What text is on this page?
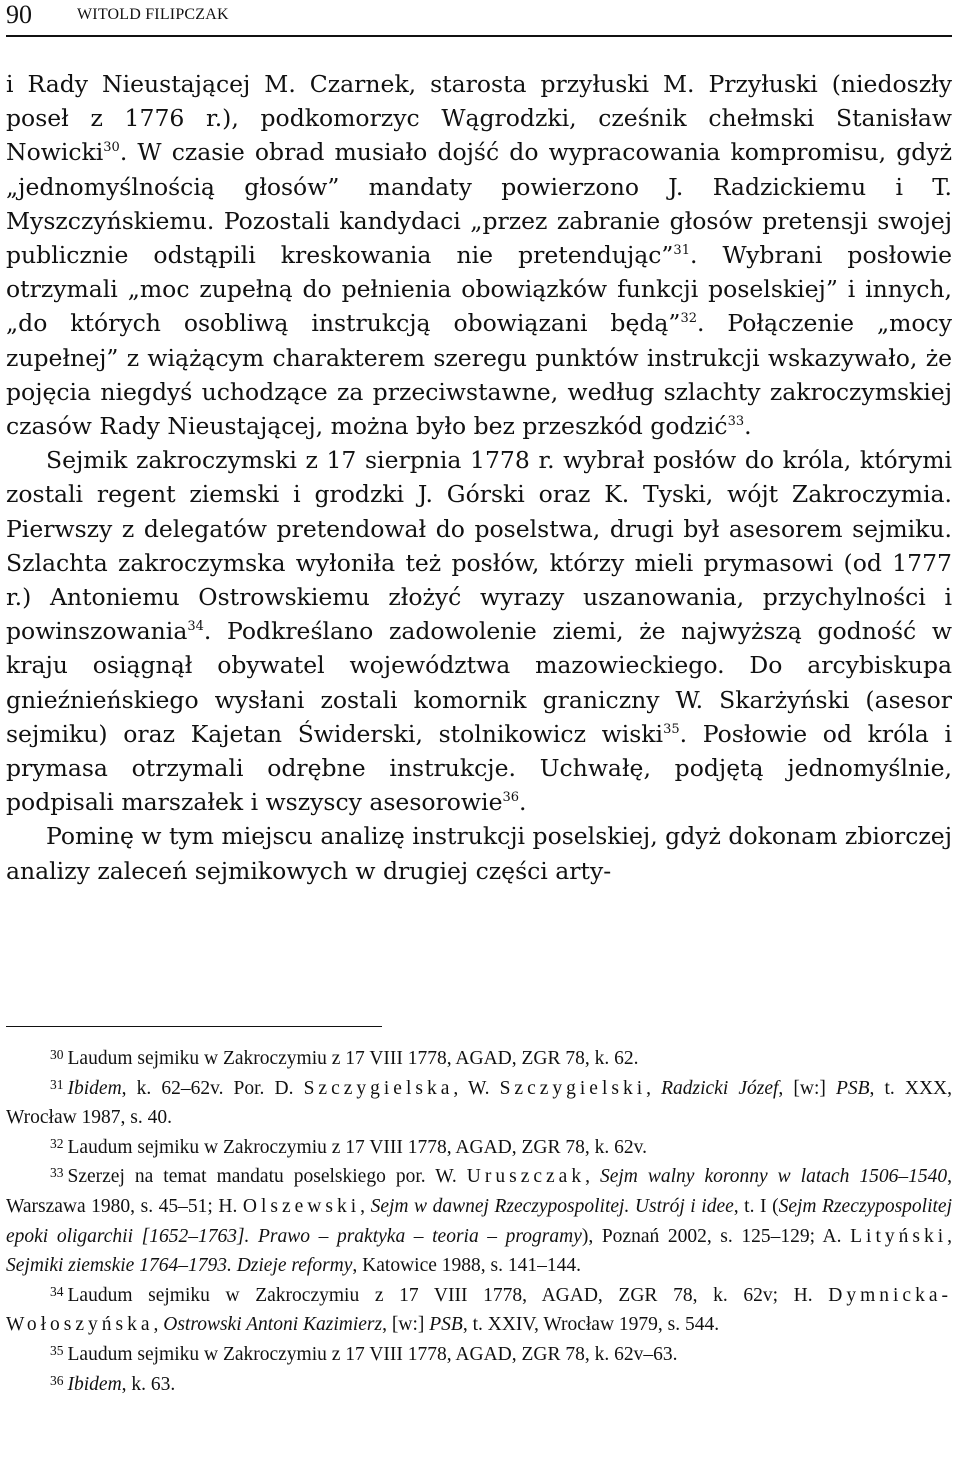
90	WITOLD FILIPCZAK

i Rady Nieustającej M. Czarnek, starosta przyłuski M. Przyłuski (niedoszły poseł z 1776 r.), podkomorzyc Wągrodzki, cześnik chełmski Stanisław Nowicki$^{30}$. W czasie obrad musiało dojść do wypracowania kompromisu, gdyż „jednomyślnością głosów” mandaty powierzono J. Radzickiemu i T. Myszczyńskiemu. Pozostali kandydaci „przez zabranie głosów pretensji swojej publicznie odstąpili kreskowania nie pretendując”$^{31}$. Wybrani posłowie otrzymali „moc zupełną do pełnienia obowiązków funkcji poselskiej” i innych, „do których osobliwą instrukcją obowiązani będą”$^{32}$. Połączenie „mocy zupełnej” z wiążącym charakterem szeregu punktów instrukcji wskazywało, że pojęcia niegdyś uchodzące za przeciwstawne, według szlachty zakroczymskiej czasów Rady Nieustającej, można było bez przeszkód godzić$^{33}$.

Sejmik zakroczymski z 17 sierpnia 1778 r. wybrał posłów do króla, którymi zostali regent ziemski i grodzki J. Górski oraz K. Tyski, wójt Zakroczymia. Pierwszy z delegatów pretendował do poselstwa, drugi był asesorem sejmiku. Szlachta zakroczymska wyłoniła też posłów, którzy mieli prymasowi (od 1777 r.) Antoniemu Ostrowskiemu złożyć wyrazy uszanowania, przychylności i powinszowania$^{34}$. Podkreślano zadowolenie ziemi, że najwyższą godność w kraju osiągnął obywatel województwa mazowieckiego. Do arcybiskupa gnieźnieńskiego wysłani zostali komornik graniczny W. Skarżyński (asesor sejmiku) oraz Kajetan Świderski, stolnikowicz wiski$^{35}$. Posłowie od króla i prymasa otrzymali odrębne instrukcje. Uchwałę, podjętą jednomyślnie, podpisali marszałek i wszyscy asesorowie$^{36}$.

Pominę w tym miejscu analizę instrukcji poselskiej, gdyż dokonam zbiorczej analizy zaleceń sejmikowych w drugiej części arty-

$^{30}$ Laudum sejmiku w Zakroczymiu z 17 VIII 1778, AGAD, ZGR 78, k. 62.

$^{31}$ Ibidem, k. 62–62v. Por. D. Szczygielska, W. Szczygielski, Radzicki Józef, [w:] PSB, t. XXX, Wrocław 1987, s. 40.

$^{32}$ Laudum sejmiku w Zakroczymiu z 17 VIII 1778, AGAD, ZGR 78, k. 62v.

$^{33}$ Szerzej na temat mandatu poselskiego por. W. Uruszczak, Sejm walny koronny w latach 1506–1540, Warszawa 1980, s. 45–51; H. Olszewski, Sejm w dawnej Rzeczypospolitej. Ustrój i idee, t. I (Sejm Rzeczypospolitej epoki oligarchii [1652–1763]. Prawo – praktyka – teoria – programy), Poznań 2002, s. 125–129; A. Lityński, Sejmiki ziemskie 1764–1793. Dzieje reformy, Katowice 1988, s. 141–144.

$^{34}$ Laudum sejmiku w Zakroczymiu z 17 VIII 1778, AGAD, ZGR 78, k. 62v; H. Dymnicka-Wołoszyńska, Ostrowski Antoni Kazimierz, [w:] PSB, t. XXIV, Wrocław 1979, s. 544.

$^{35}$ Laudum sejmiku w Zakroczymiu z 17 VIII 1778, AGAD, ZGR 78, k. 62v–63.

$^{36}$ Ibidem, k. 63.
